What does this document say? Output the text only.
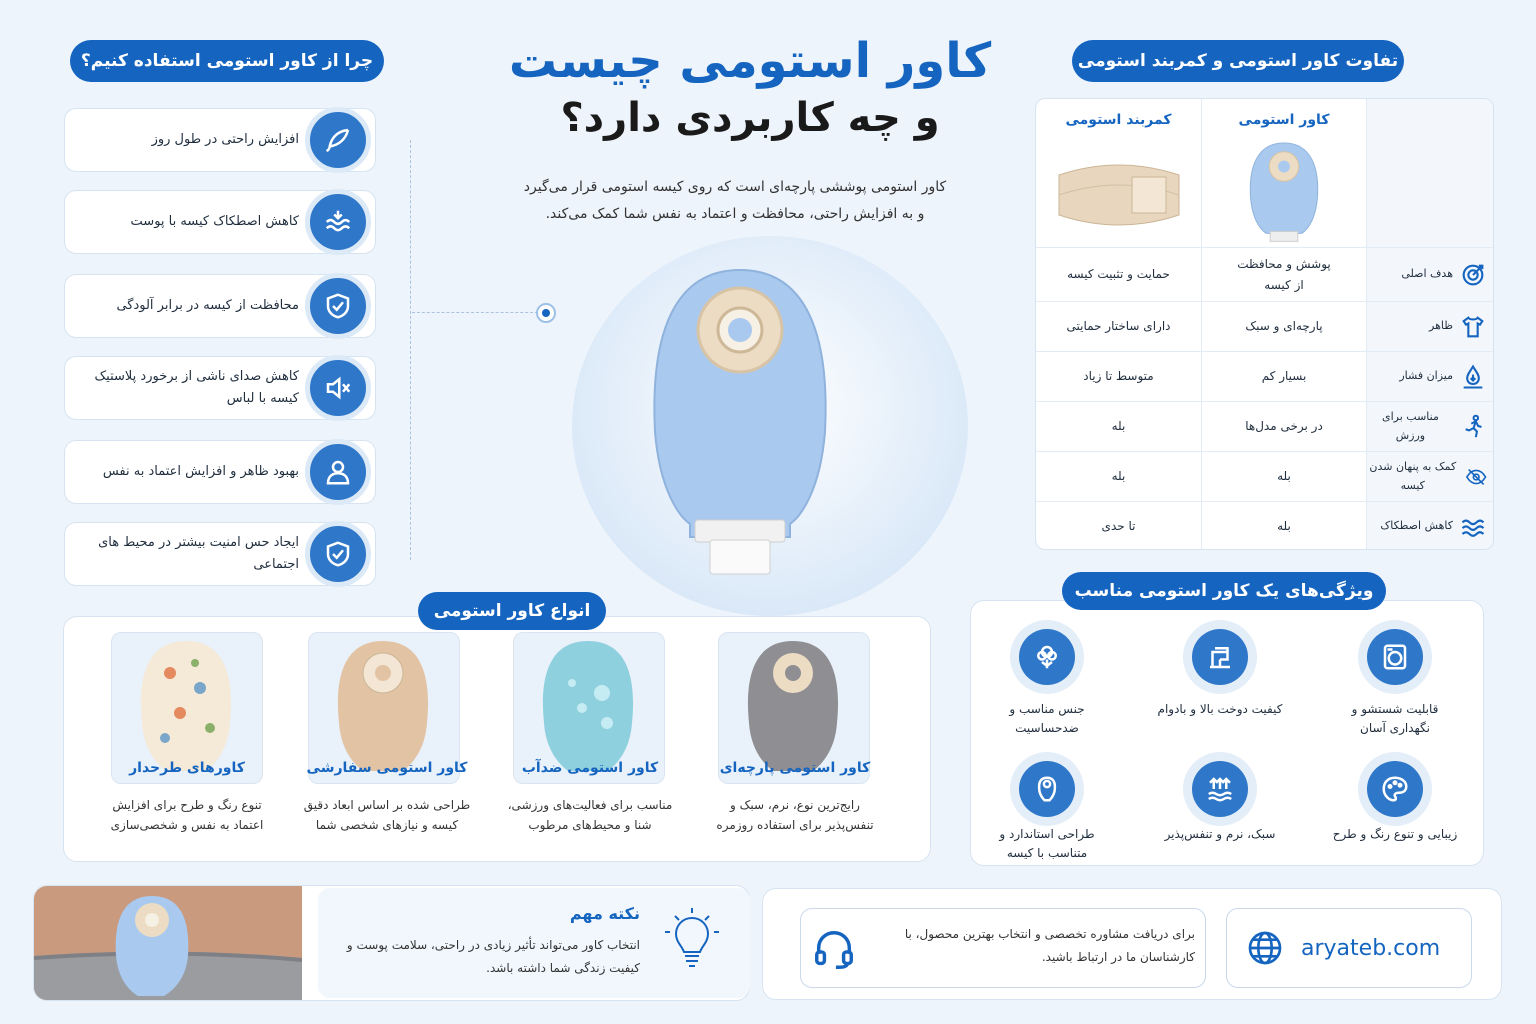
کاور استومی چیست
و چه کاربردی دارد؟
کاور استومی پوششی پارچه‌ای است که روی کیسه استومی قرار می‌گیرد
و به افزایش راحتی، محافظت و اعتماد به نفس شما کمک می‌کند.
چرا از کاور استومی استفاده کنیم؟
افزایش راحتی در طول روز
کاهش اصطکاک کیسه با پوست
محافظت از کیسه در برابر آلودگی
کاهش صدای ناشی از برخورد پلاستیک کیسه با لباس
بهبود ظاهر و افزایش اعتماد به نفس
ایجاد حس امنیت بیشتر در محیط های اجتماعی
تفاوت کاور استومی و کمربند استومی
کاور استومی
کمربند استومی
هدف اصلی
پوشش و محافظت از کیسه
حمایت و تثبیت کیسه
ظاهر
پارچه‌ای و سبک
دارای ساختار حمایتی
میزان فشار
بسیار کم
متوسط تا زیاد
مناسب برای ورزش
در برخی مدل‌ها
بله
کمک به پنهان شدن کیسه
بله
بله
کاهش اصطکاک
بله
تا حدی
انواع کاور استومی
کاور استومی پارچه‌ای
کاور استومی ضدآب
کاور استومی سفارشی
کاورهای طرحدار
رایج‌ترین نوع، نرم، سبک و تنفس‌پذیر برای استفاده روزمره
مناسب برای فعالیت‌های ورزشی، شنا و محیط‌های مرطوب
طراحی شده بر اساس ابعاد دقیق کیسه و نیازهای شخصی شما
تنوع رنگ و طرح برای افزایش اعتماد به نفس و شخصی‌سازی
ویژگی‌های یک کاور استومی مناسب
قابلیت شستشو و نگهداری آسان
کیفیت دوخت بالا و بادوام
جنس مناسب و ضدحساسیت
زیبایی و تنوع رنگ و طرح
سبک، نرم و تنفس‌پذیر
طراحی استاندارد و متناسب با کیسه
نکته مهم
انتخاب کاور می‌تواند تأثیر زیادی در راحتی، سلامت پوست و کیفیت زندگی شما داشته باشد.
برای دریافت مشاوره تخصصی و انتخاب بهترین محصول، با کارشناسان ما در ارتباط باشید.	aryateb.com
